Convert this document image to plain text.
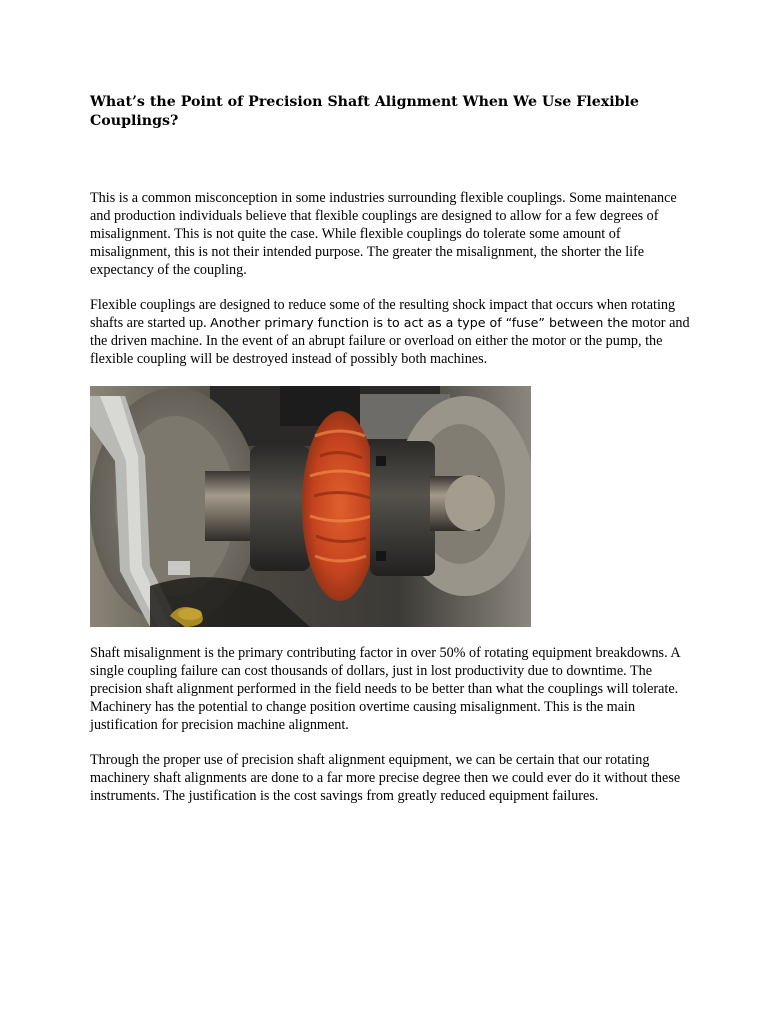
What’s the Point of Precision Shaft Alignment When We Use Flexible Couplings?

This is a common misconception in some industries surrounding flexible couplings. Some maintenance and production individuals believe that flexible couplings are designed to allow for a few degrees of misalignment. This is not quite the case. While flexible couplings do tolerate some amount of misalignment, this is not their intended purpose. The greater the misalignment, the shorter the life expectancy of the coupling.

Flexible couplings are designed to reduce some of the resulting shock impact that occurs when rotating shafts are started up. Another primary function is to act as a type of “fuse” between the motor and the driven machine. In the event of an abrupt failure or overload on either the motor or the pump, the flexible coupling will be destroyed instead of possibly both machines.

Shaft misalignment is the primary contributing factor in over 50% of rotating equipment breakdowns. A single coupling failure can cost thousands of dollars, just in lost productivity due to downtime. The precision shaft alignment performed in the field needs to be better than what the couplings will tolerate. Machinery has the potential to change position overtime causing misalignment. This is the main justification for precision machine alignment.

Through the proper use of precision shaft alignment equipment, we can be certain that our rotating machinery shaft alignments are done to a far more precise degree then we could ever do it without these instruments. The justification is the cost savings from greatly reduced equipment failures.
